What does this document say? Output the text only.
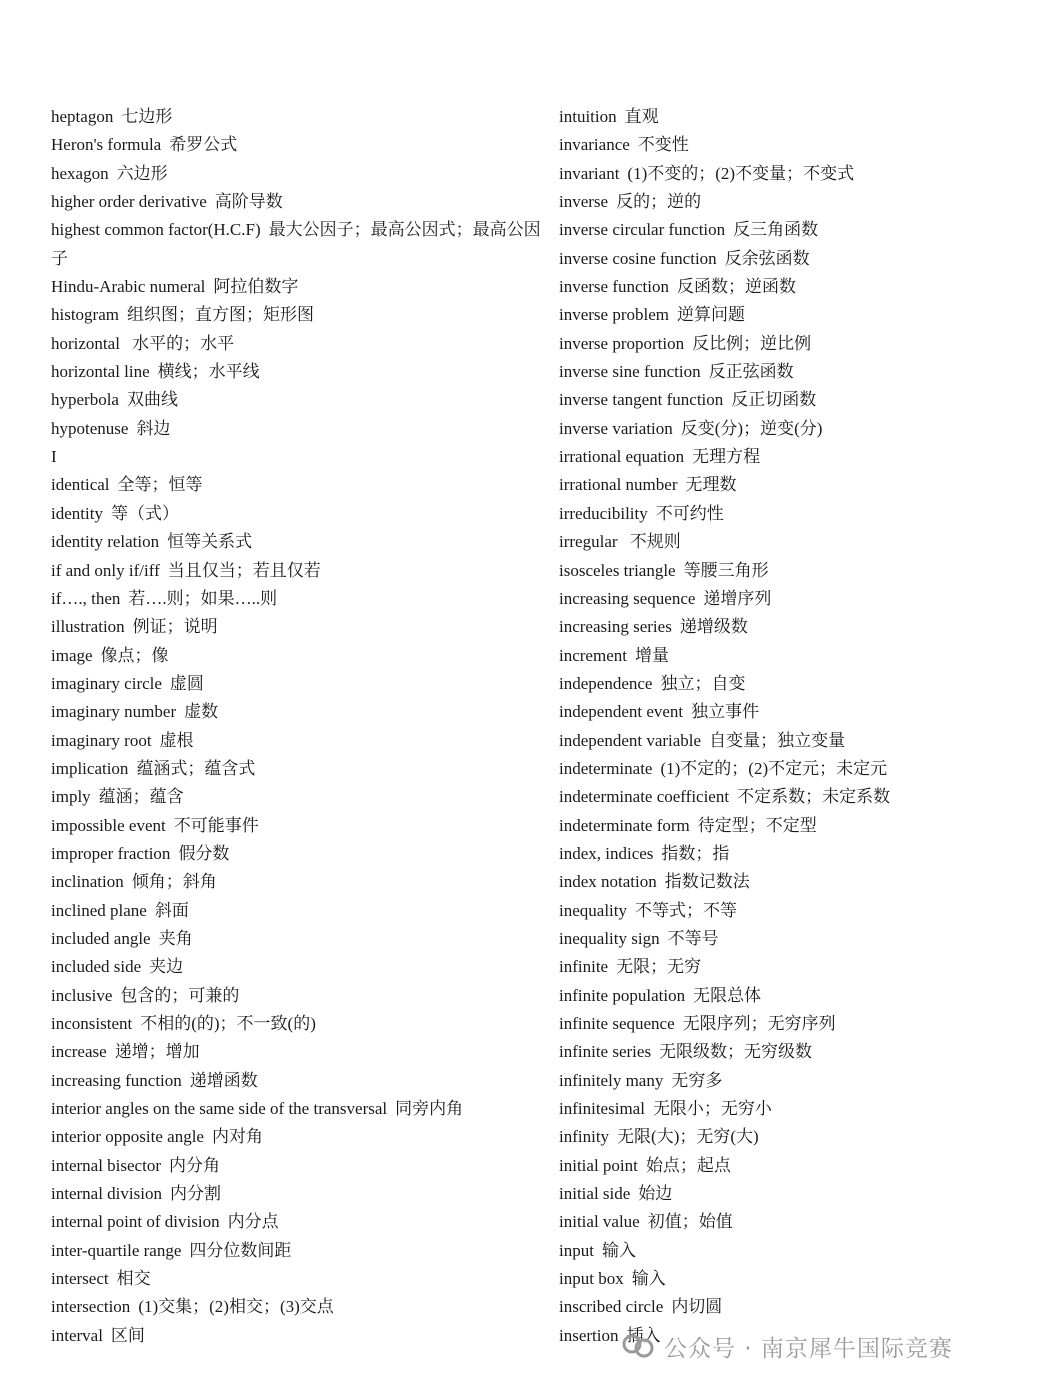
heptagon 七边形
Heron's formula 希罗公式
hexagon 六边形
higher order derivative 高阶导数
highest common factor(H.C.F) 最大公因子；最高公因式；最高公因子
Hindu-Arabic numeral 阿拉伯数字
histogram 组织图；直方图；矩形图
horizontal 水平的；水平
horizontal line 横线；水平线
hyperbola 双曲线
hypotenuse 斜边
I
identical 全等；恒等
identity 等（式）
identity relation 恒等关系式
if and only if/iff 当且仅当；若且仅若
if…., then 若….则；如果…..则
illustration 例证；说明
image 像点；像
imaginary circle 虚圆
imaginary number 虚数
imaginary root 虚根
implication 蕴涵式；蕴含式
imply 蕴涵；蕴含
impossible event 不可能事件
improper fraction 假分数
inclination 倾角；斜角
inclined plane 斜面
included angle 夹角
included side 夹边
inclusive 包含的；可兼的
inconsistent 不相的(的)；不一致(的)
increase 递增；增加
increasing function 递增函数
interior angles on the same side of the transversal 同旁内角
interior opposite angle 内对角
internal bisector 内分角
internal division 内分割
internal point of division 内分点
inter-quartile range 四分位数间距
intersect 相交
intersection (1)交集；(2)相交；(3)交点
interval 区间
intuition 直观
invariance 不变性
invariant (1)不变的；(2)不变量；不变式
inverse 反的；逆的
inverse circular function 反三角函数
inverse cosine function 反余弦函数
inverse function 反函数；逆函数
inverse problem 逆算问题
inverse proportion 反比例；逆比例
inverse sine function 反正弦函数
inverse tangent function 反正切函数
inverse variation 反变(分)；逆变(分)
irrational equation 无理方程
irrational number 无理数
irreducibility 不可约性
irregular 不规则
isosceles triangle 等腰三角形
increasing sequence 递增序列
increasing series 递增级数
increment 增量
independence 独立；自变
independent event 独立事件
independent variable 自变量；独立变量
indeterminate (1)不定的；(2)不定元；未定元
indeterminate coefficient 不定系数；未定系数
indeterminate form 待定型；不定型
index, indices 指数；指
index notation 指数记数法
inequality 不等式；不等
inequality sign 不等号
infinite 无限；无穷
infinite population 无限总体
infinite sequence 无限序列；无穷序列
infinite series 无限级数；无穷级数
infinitely many 无穷多
infinitesimal 无限小；无穷小
infinity 无限(大)；无穷(大)
initial point 始点；起点
initial side 始边
initial value 初值；始值
input 输入
input box 输入
inscribed circle 内切圆
insertion 插入
公众号 · 南京犀牛国际竞赛
